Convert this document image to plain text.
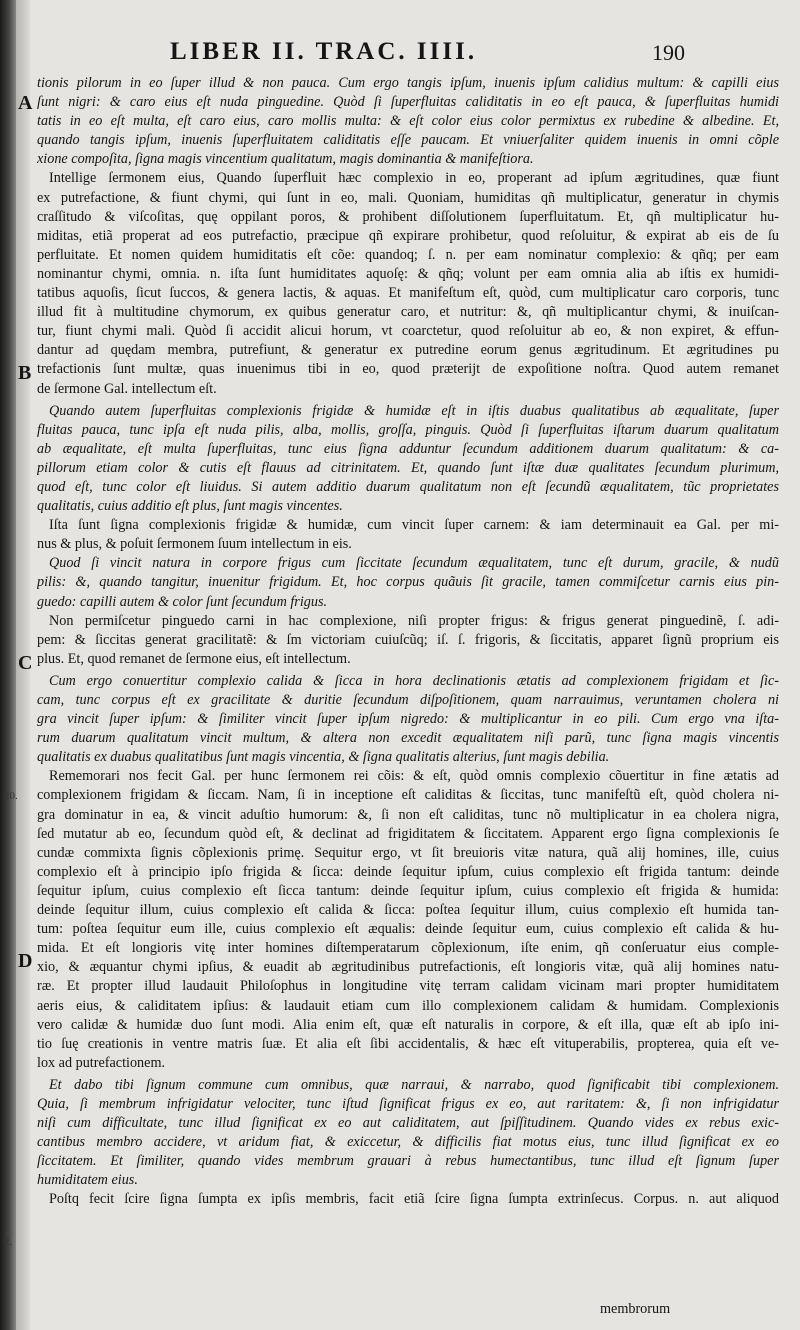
LIBER II. TRAC. IIII.	190
A
B
C
D
20.
2.
tionis pilorum in eo ſuper illud & non pauca. Cum ergo tangis ipſum, inuenis ipſum calidius multum: & capilli eius
ſunt nigri: & caro eius eſt nuda pinguedine. Quòd ſi ſuperfluitas caliditatis in eo eſt pauca, & ſuperfluitas humidi
tatis in eo eſt multa, eſt caro eius, caro mollis multa: & eſt color eius color permixtus ex rubedine & albedine. Et,
quando tangis ipſum, inuenis ſuperfluitatem caliditatis eſſe paucam. Et vniuerſaliter quidem inuenis in omni cõple
xione compoſita, ſigna magis vincentium qualitatum, magis dominantia & manifeſtiora.
Intellige ſermonem eius, Quando ſuperfluit hæc complexio in eo, properant ad ipſum ægritudines, quæ fiunt
ex putrefactione, & fiunt chymi, qui ſunt in eo, mali. Quoniam, humiditas qñ multiplicatur, generatur in chymis
craſſitudo & viſcoſitas, quę oppilant poros, & prohibent diſſolutionem ſuperfluitatum. Et, qñ multiplicatur hu-
miditas, etiã properat ad eos putrefactio, præcipue qñ expirare prohibetur, quod reſoluitur, & expirat ab eis de ſu
perfluitate. Et nomen quidem humiditatis eſt cõe: quandoq; ſ. n. per eam nominatur complexio: & qñq; per eam
nominantur chymi, omnia. n. iſta ſunt humiditates aquoſę: & qñq; volunt per eam omnia alia ab iſtis ex humidi-
tatibus aquoſis, ſicut ſuccos, & genera lactis, & aquas. Et manifeſtum eſt, quòd, cum multiplicatur caro corporis, tunc
illud fit à multitudine chymorum, ex quibus generatur caro, et nutritur: &, qñ multiplicantur chymi, & inuiſcan-
tur, fiunt chymi mali. Quòd ſi accidit alicui horum, vt coarctetur, quod reſoluitur ab eo, & non expiret, & effun-
dantur ad quędam membra, putrefiunt, & generatur ex putredine eorum genus ægritudinum. Et ægritudines pu
trefactionis ſunt multæ, quas inuenimus tibi in eo, quod præterijt de expoſitione noſtra. Quod autem remanet
de ſermone Gal. intellectum eſt.
Quando autem ſuperfluitas complexionis frigidæ & humidæ eſt in iſtis duabus qualitatibus ab æqualitate, ſuper
fluitas pauca, tunc ipſa eſt nuda pilis, alba, mollis, groſſa, pinguis. Quòd ſi ſuperfluitas iſtarum duarum qualitatum
ab æqualitate, eſt multa ſuperfluitas, tunc eius ſigna adduntur ſecundum additionem duarum qualitatum: & ca-
pillorum etiam color & cutis eſt flauus ad citrinitatem. Et, quando ſunt iſtæ duæ qualitates ſecundum plurimum,
quod eſt, tunc color eſt liuidus. Si autem additio duarum qualitatum non eſt ſecundũ æqualitatem, tũc proprietates
qualitatis, cuius additio eſt plus, ſunt magis vincentes.
Iſta ſunt ſigna complexionis frigidæ & humidæ, cum vincit ſuper carnem: & iam determinauit ea Gal. per mi-
nus & plus, & poſuit ſermonem ſuum intellectum in eis.
Quod ſi vincit natura in corpore frigus cum ſiccitate ſecundum æqualitatem, tunc eſt durum, gracile, & nudũ
pilis: &, quando tangitur, inuenitur frigidum. Et, hoc corpus quãuis ſit gracile, tamen commiſcetur carnis eius pin-
guedo: capilli autem & color ſunt ſecundum frigus.
Non permiſcetur pinguedo carni in hac complexione, niſi propter frigus: & frigus generat pinguedinẽ, ſ. adi-
pem: & ſiccitas generat gracilitatẽ: & ſm victoriam cuiuſcũq; iſ. ſ. frigoris, & ſiccitatis, apparet ſignũ proprium eis
plus. Et, quod remanet de ſermone eius, eſt intellectum.
Cum ergo conuertitur complexio calida & ſicca in hora declinationis ætatis ad complexionem frigidam et ſic-
cam, tunc corpus eſt ex gracilitate & duritie ſecundum diſpoſitionem, quam narrauimus, veruntamen cholera ni
gra vincit ſuper ipſum: & ſimiliter vincit ſuper ipſum nigredo: & multiplicantur in eo pili. Cum ergo vna iſta-
rum duarum qualitatum vincit multum, & altera non excedit æqualitatem niſi parũ, tunc ſigna magis vincentis
qualitatis ex duabus qualitatibus ſunt magis vincentia, & ſigna qualitatis alterius, ſunt magis debilia.
Rememorari nos fecit Gal. per hunc ſermonem rei cõis: & eſt, quòd omnis complexio cõuertitur in fine ætatis ad
complexionem frigidam & ſiccam. Nam, ſi in inceptione eſt caliditas & ſiccitas, tunc manifeſtũ eſt, quòd cholera ni-
gra dominatur in ea, & vincit aduſtio humorum: &, ſi non eſt caliditas, tunc nõ multiplicatur in ea cholera nigra,
ſed mutatur ab eo, ſecundum quòd eſt, & declinat ad frigiditatem & ſiccitatem. Apparent ergo ſigna complexionis ſe
cundæ commixta ſignis cõplexionis primę. Sequitur ergo, vt ſit breuioris vitæ natura, quã alij homines, ille, cuius
complexio eſt à principio ipſo frigida & ſicca: deinde ſequitur ipſum, cuius complexio eſt frigida tantum: deinde
ſequitur ipſum, cuius complexio eſt ſicca tantum: deinde ſequitur ipſum, cuius complexio eſt frigida & humida:
deinde ſequitur illum, cuius complexio eſt calida & ſicca: poſtea ſequitur illum, cuius complexio eſt humida tan-
tum: poſtea ſequitur eum ille, cuius complexio eſt æqualis: deinde ſequitur eum, cuius complexio eſt calida & hu-
mida. Et eſt longioris vitę inter homines diſtemperatarum cõplexionum, iſte enim, qñ conſeruatur eius comple-
xio, & æquantur chymi ipſius, & euadit ab ægritudinibus putrefactionis, eſt longioris vitæ, quã alij homines natu-
ræ. Et propter illud laudauit Philoſophus in longitudine vitę terram calidam vicinam mari propter humiditatem
aeris eius, & caliditatem ipſius: & laudauit etiam cum illo complexionem calidam & humidam. Complexionis
vero calidæ & humidæ duo ſunt modi. Alia enim eſt, quæ eſt naturalis in corpore, & eſt illa, quæ eſt ab ipſo ini-
tio ſuę creationis in ventre matris ſuæ. Et alia eſt ſibi accidentalis, & hæc eſt vituperabilis, propterea, quia eſt ve-
lox ad putrefactionem.
Et dabo tibi ſignum commune cum omnibus, quæ narraui, & narrabo, quod ſignificabit tibi complexionem.
Quia, ſi membrum infrigidatur velociter, tunc iſtud ſignificat frigus ex eo, aut raritatem: &, ſi non infrigidatur
niſi cum difficultate, tunc illud ſignificat ex eo aut caliditatem, aut ſpiſſitudinem. Quando vides ex rebus exic-
cantibus membro accidere, vt aridum fiat, & exiccetur, & difficilis fiat motus eius, tunc illud ſignificat ex eo
ſiccitatem. Et ſimiliter, quando vides membrum grauari à rebus humectantibus, tunc illud eſt ſignum ſuper
humiditatem eius.
Poſtq fecit ſcire ſigna ſumpta ex ipſis membris, facit etiã ſcire ſigna ſumpta extrinſecus. Corpus. n. aut aliquod
membrorum
